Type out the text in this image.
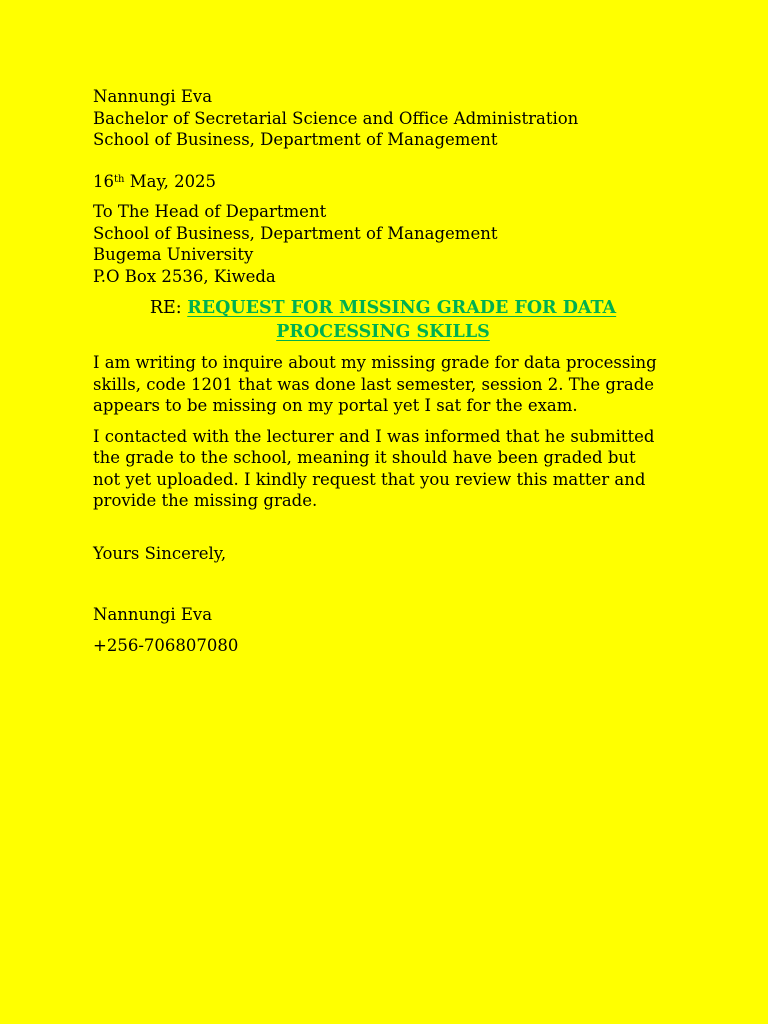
Nannungi Eva
Bachelor of Secretarial Science and Office Administration
School of Business, Department of Management
16th May, 2025
To The Head of Department
School of Business, Department of Management
Bugema University
P.O Box 2536, Kiweda
RE: REQUEST FOR MISSING GRADE FOR DATA
PROCESSING SKILLS

I am writing to inquire about my missing grade for data processing skills, code 1201 that was done last semester, session 2. The grade appears to be missing on my portal yet I sat for the exam.

I contacted with the lecturer and I was informed that he submitted the grade to the school, meaning it should have been graded but not yet uploaded. I kindly request that you review this matter and provide the missing grade.

Yours Sincerely,

Nannungi Eva

+256-706807080
